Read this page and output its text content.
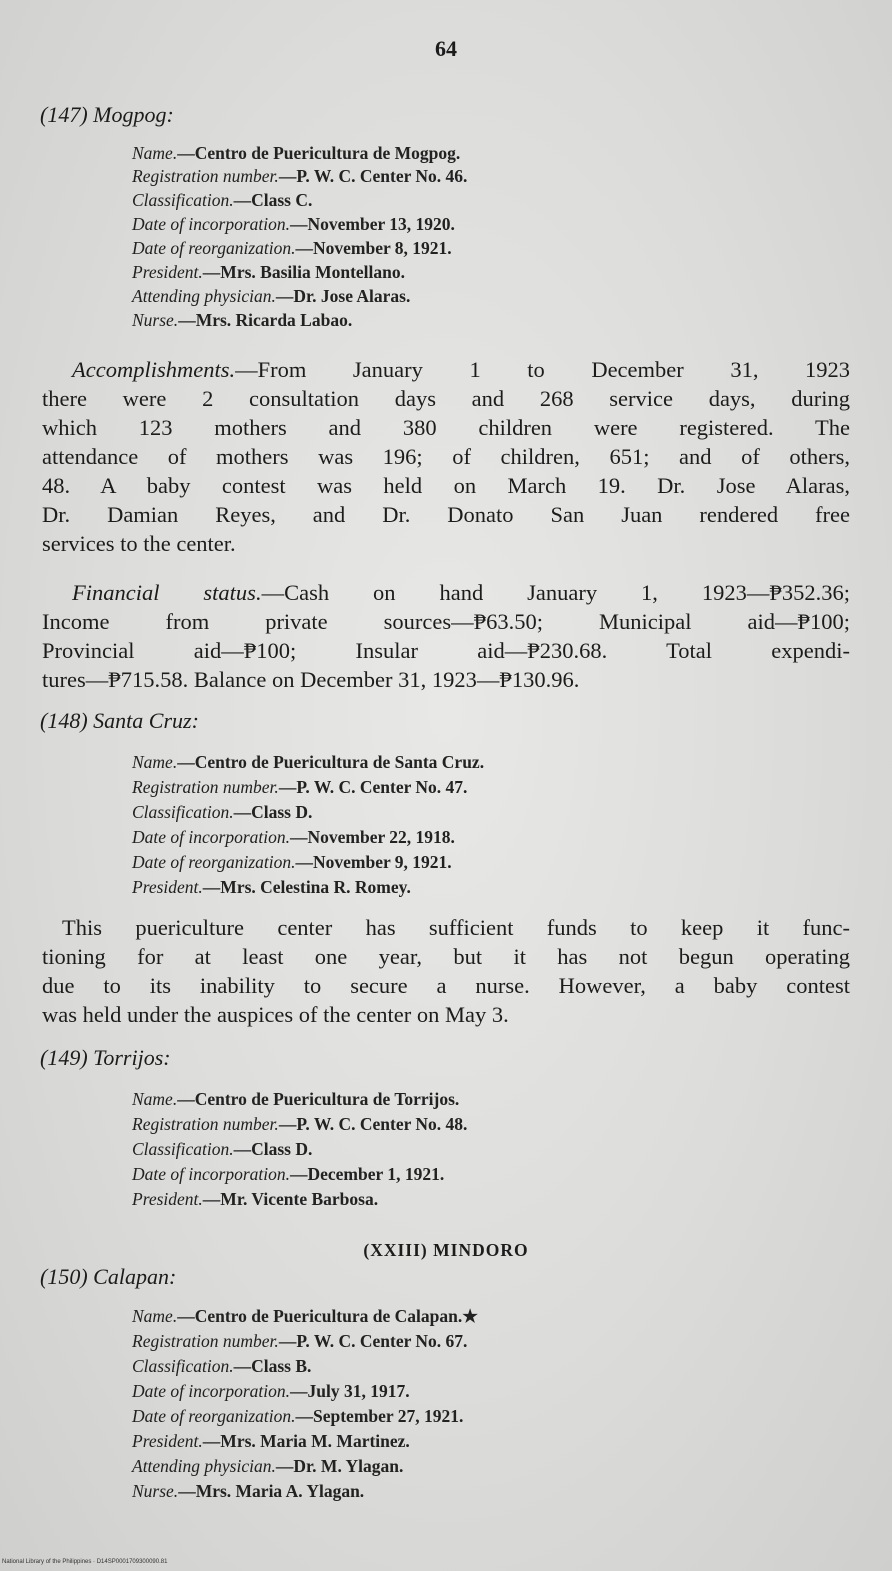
64
(147) Mogpog:
Name.—Centro de Puericultura de Mogpog.
Registration number.—P. W. C. Center No. 46.
Classification.—Class C.
Date of incorporation.—November 13, 1920.
Date of reorganization.—November 8, 1921.
President.—Mrs. Basilia Montellano.
Attending physician.—Dr. Jose Alaras.
Nurse.—Mrs. Ricarda Labao.
Accomplishments.—From January 1 to December 31, 1923
there were 2 consultation days and 268 service days, during
which 123 mothers and 380 children were registered. The
attendance of mothers was 196; of children, 651; and of others,
48. A baby contest was held on March 19. Dr. Jose Alaras,
Dr. Damian Reyes, and Dr. Donato San Juan rendered free
services to the center.
Financial status.—Cash on hand January 1, 1923—₱352.36;
Income from private sources—₱63.50; Municipal aid—₱100;
Provincial aid—₱100; Insular aid—₱230.68. Total expendi-
tures—₱715.58. Balance on December 31, 1923—₱130.96.
(148) Santa Cruz:
Name.—Centro de Puericultura de Santa Cruz.
Registration number.—P. W. C. Center No. 47.
Classification.—Class D.
Date of incorporation.—November 22, 1918.
Date of reorganization.—November 9, 1921.
President.—Mrs. Celestina R. Romey.
This puericulture center has sufficient funds to keep it func-
tioning for at least one year, but it has not begun operating
due to its inability to secure a nurse. However, a baby contest
was held under the auspices of the center on May 3.
(149) Torrijos:
Name.—Centro de Puericultura de Torrijos.
Registration number.—P. W. C. Center No. 48.
Classification.—Class D.
Date of incorporation.—December 1, 1921.
President.—Mr. Vicente Barbosa.
(XXIII) MINDORO
(150) Calapan:
Name.—Centro de Puericultura de Calapan.★
Registration number.—P. W. C. Center No. 67.
Classification.—Class B.
Date of incorporation.—July 31, 1917.
Date of reorganization.—September 27, 1921.
President.—Mrs. Maria M. Martinez.
Attending physician.—Dr. M. Ylagan.
Nurse.—Mrs. Maria A. Ylagan.
National Library of the Philippines · D14SP0001709300090.81
